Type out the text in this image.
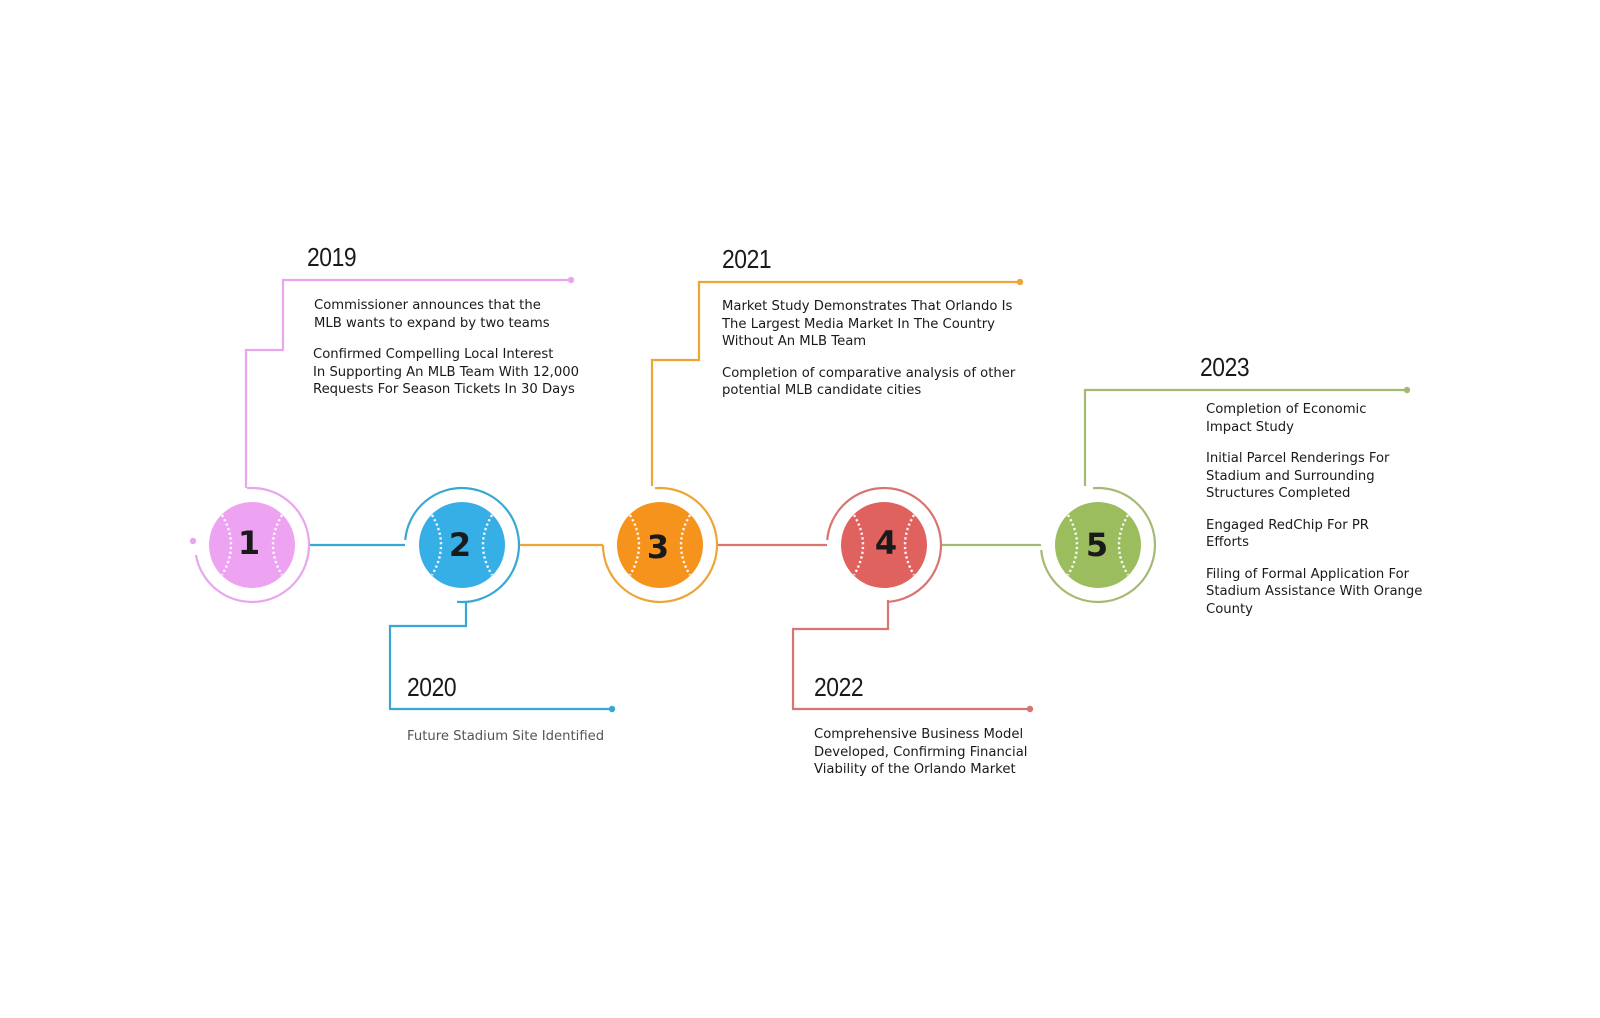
2019

Commissioner announces that the
MLB wants to expand by two teams

Confirmed Compelling Local Interest
In Supporting An MLB Team With 12,000
Requests For Season Tickets In 30 Days

1
2020

Future Stadium Site Identified

2
2021

Market Study Demonstrates That Orlando Is
The Largest Media Market In The Country
Without An MLB Team

Completion of comparative analysis of other
potential MLB candidate cities

3
2022

Comprehensive Business Model
Developed, Confirming Financial
Viability of the Orlando Market

4
2023

Completion of Economic
Impact Study

Initial Parcel Renderings For
Stadium and Surrounding
Structures Completed

Engaged RedChip For PR
Efforts

Filing of Formal Application For
Stadium Assistance With Orange
County

5
